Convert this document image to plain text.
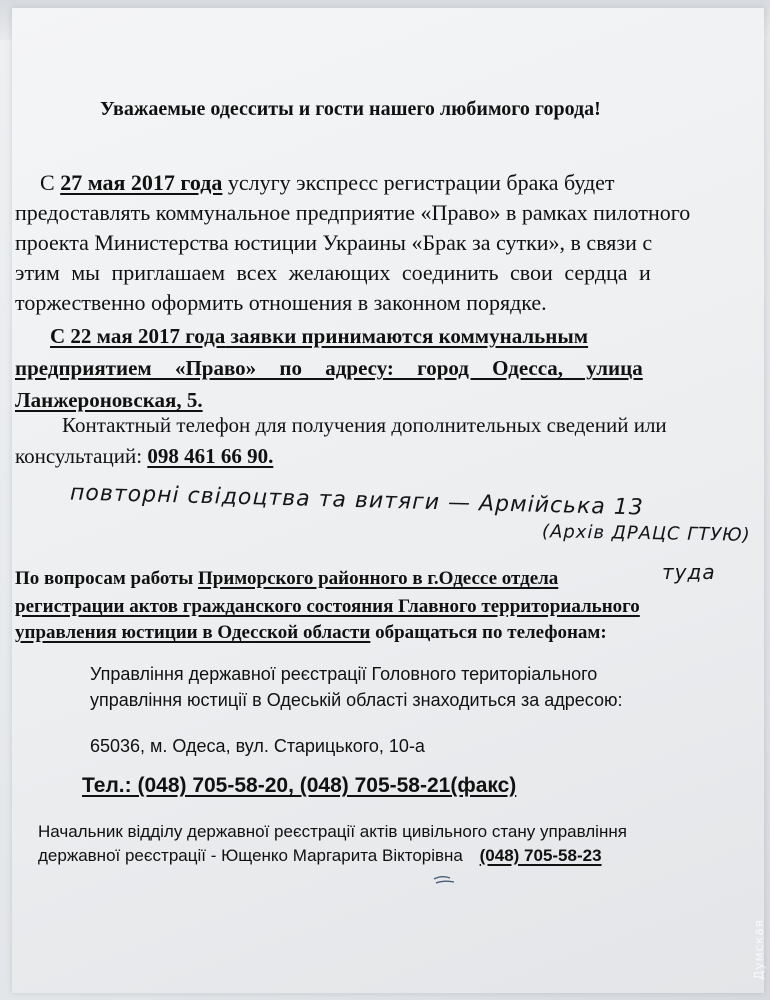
Уважаемые одесситы и гости нашего любимого города!
С 27 мая 2017 года услугу экспресс регистрации брака будет
предоставлять коммунальное предприятие «Право» в рамках пилотного
проекта Министерства юстиции Украины «Брак за сутки», в связи с
этим мы приглашаем всех желающих соединить свои сердца и
торжественно оформить отношения в законном порядке.
С 22 мая 2017 года заявки принимаются коммунальным
предприятием «Право» по адресу: город Одесса, улица
Ланжероновская, 5.
Контактный телефон для получения дополнительных сведений или
консультаций: 098 461 66 90.
повторні свідоцтва та витяги — Армійська 13
(Архів ДРАЦС ГТУЮ)
тудa
По вопросам работы Приморского районного в г.Одессе отдела
регистрации актов гражданского состояния Главного территориального
управления юстиции в Одесской области обращаться по телефонам:
Управління державної реєстрації Головного територіального
управління юстиції в Одеській області знаходиться за адресою:
65036, м. Одеса, вул. Старицького, 10-а
Тел.: (048) 705-58-20, (048) 705-58-21(факс)
Начальник відділу державної реєстрації актів цивільного стану управління
державної реєстрації - Ющенко Маргарита Вікторівна (048) 705-58-23
Думская
